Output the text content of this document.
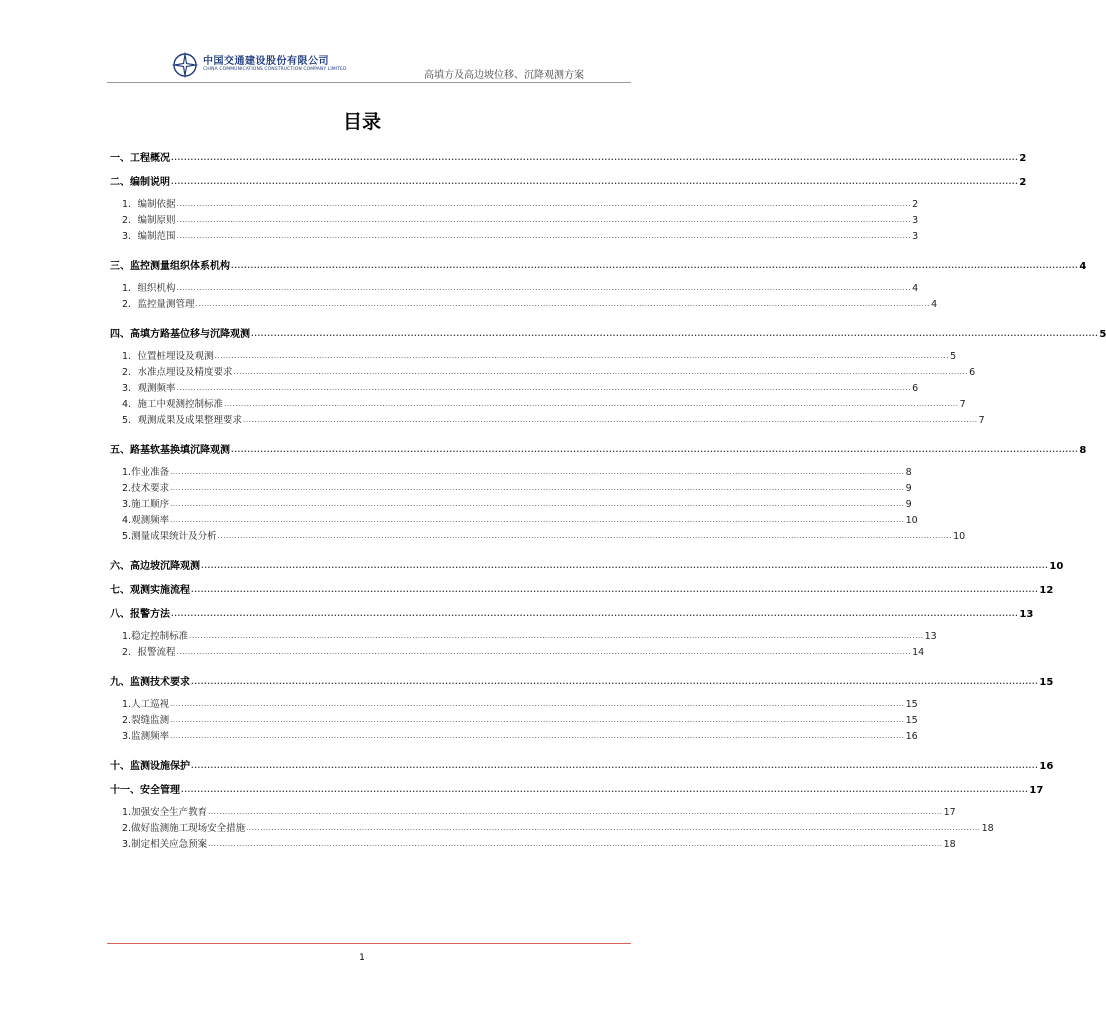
中国交通建设股份有限公司
CHINA COMMUNICATIONS CONSTRUCTION COMPANY LIMITED
高填方及高边坡位移、沉降观测方案
目录
一、工程概况 .................................................................................................................................................................................................................................................................... 2
二、编制说明 .................................................................................................................................................................................................................................................................... 2
1．编制依据 .................................................................................................................................................................................................................................................................... 2
2．编制原则 .................................................................................................................................................................................................................................................................... 3
3．编制范围 .................................................................................................................................................................................................................................................................... 3
三、监控测量组织体系机构 .................................................................................................................................................................................................................................................................... 4
1．组织机构 .................................................................................................................................................................................................................................................................... 4
2．监控量测管理 .................................................................................................................................................................................................................................................................... 4
四、高填方路基位移与沉降观测 .................................................................................................................................................................................................................................................................... 5
1．位置桩埋设及观测 .................................................................................................................................................................................................................................................................... 5
2．水准点埋设及精度要求 .................................................................................................................................................................................................................................................................... 6
3．观测频率 .................................................................................................................................................................................................................................................................... 6
4．施工中观测控制标准 .................................................................................................................................................................................................................................................................... 7
5．观测成果及成果整理要求 .................................................................................................................................................................................................................................................................... 7
五、路基软基换填沉降观测 .................................................................................................................................................................................................................................................................... 8
1.作业准备 .................................................................................................................................................................................................................................................................... 8
2.技术要求 .................................................................................................................................................................................................................................................................... 9
3.施工顺序 .................................................................................................................................................................................................................................................................... 9
4.观测频率 .................................................................................................................................................................................................................................................................... 10
5.测量成果统计及分析 .................................................................................................................................................................................................................................................................... 10
六、高边坡沉降观测 .................................................................................................................................................................................................................................................................... 10
七、观测实施流程 .................................................................................................................................................................................................................................................................... 12
八、报警方法 .................................................................................................................................................................................................................................................................... 13
1.稳定控制标准 .................................................................................................................................................................................................................................................................... 13
2．报警流程 .................................................................................................................................................................................................................................................................... 14
九、监测技术要求 .................................................................................................................................................................................................................................................................... 15
1.人工巡视 .................................................................................................................................................................................................................................................................... 15
2.裂缝监测 .................................................................................................................................................................................................................................................................... 15
3.监测频率 .................................................................................................................................................................................................................................................................... 16
十、监测设施保护 .................................................................................................................................................................................................................................................................... 16
十一、安全管理 .................................................................................................................................................................................................................................................................... 17
1.加强安全生产教育 .................................................................................................................................................................................................................................................................... 17
2.做好监测施工现场安全措施 .................................................................................................................................................................................................................................................................... 18
3.制定相关应急预案 .................................................................................................................................................................................................................................................................... 18
1
